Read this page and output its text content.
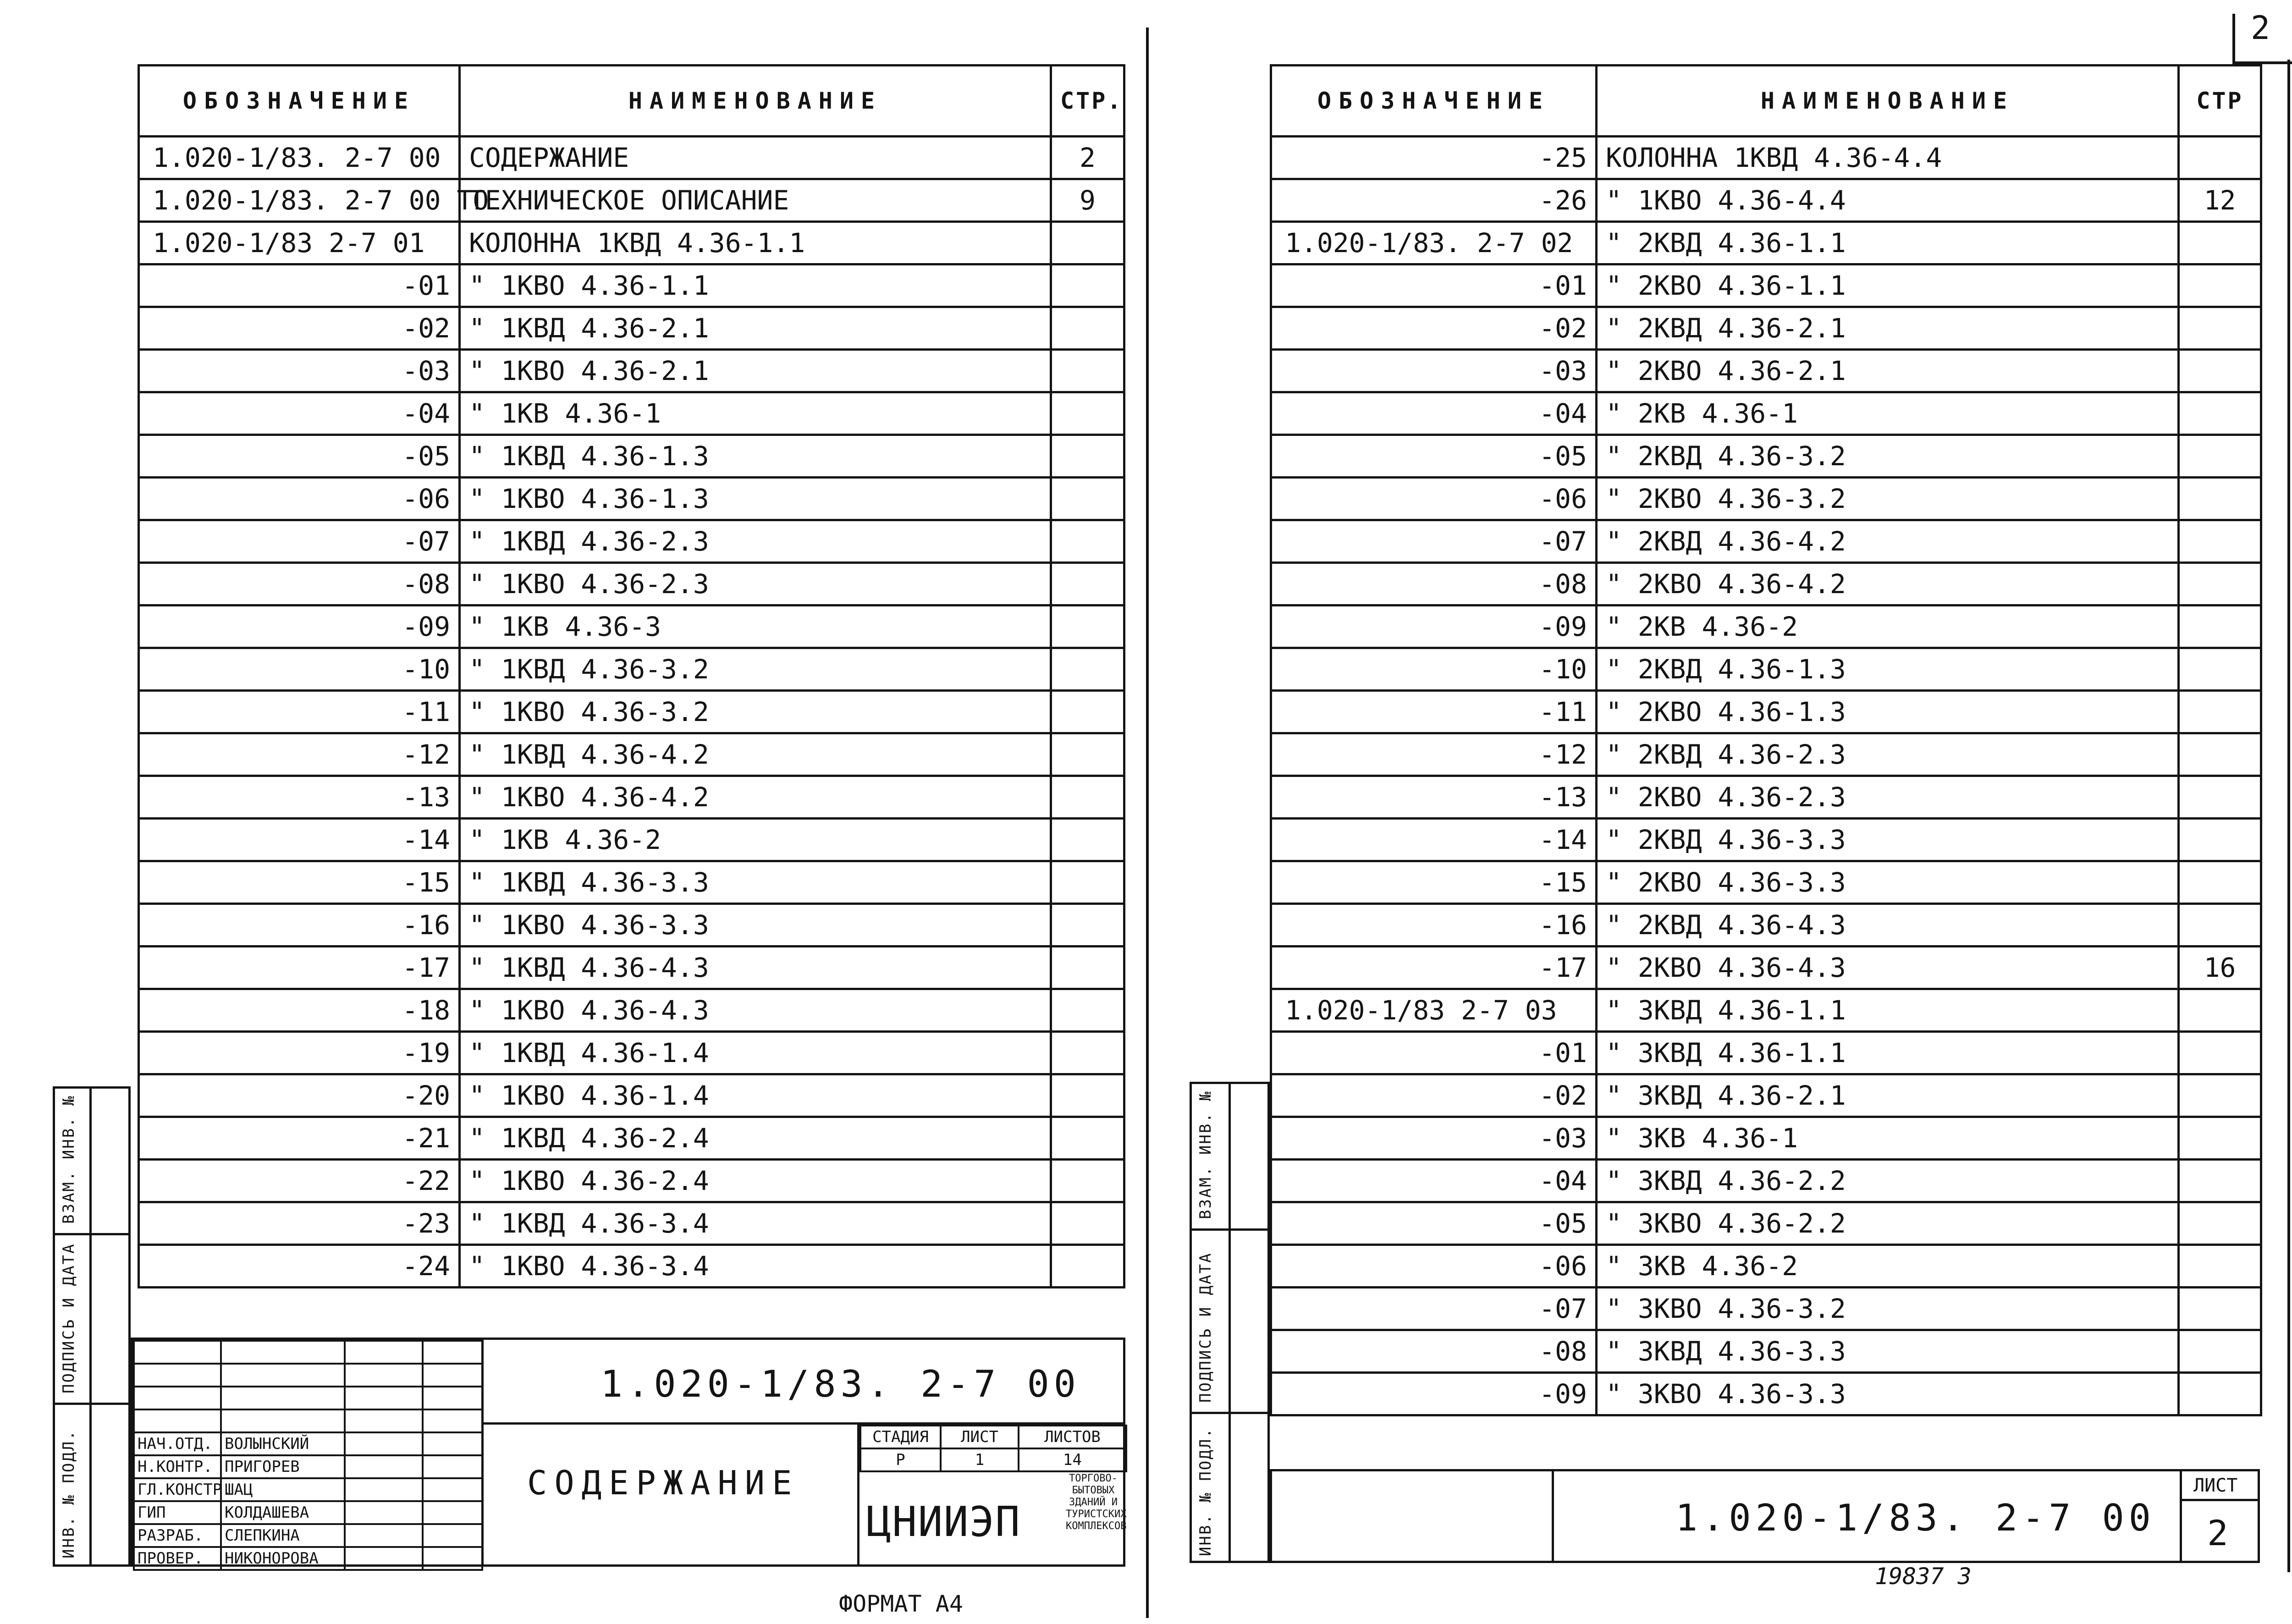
2
ОБОЗНАЧЕНИЕ	НАИМЕНОВАНИЕ	СТР.
1.020-1/83. 2-7 00	СОДЕРЖАНИЕ	2
1.020-1/83. 2-7 00 ТО	ТЕХНИЧЕСКОЕ ОПИСАНИЕ	9
1.020-1/83 2-7 01	КОЛОННА 1КВД 4.36-1.1	
-01	" 1КВО 4.36-1.1	
-02	" 1КВД 4.36-2.1	
-03	" 1КВО 4.36-2.1	
-04	" 1КВ 4.36-1	
-05	" 1КВД 4.36-1.3	
-06	" 1КВО 4.36-1.3	
-07	" 1КВД 4.36-2.3	
-08	" 1КВО 4.36-2.3	
-09	" 1КВ 4.36-3	
-10	" 1КВД 4.36-3.2	
-11	" 1КВО 4.36-3.2	
-12	" 1КВД 4.36-4.2	
-13	" 1КВО 4.36-4.2	
-14	" 1КВ 4.36-2	
-15	" 1КВД 4.36-3.3	
-16	" 1КВО 4.36-3.3	
-17	" 1КВД 4.36-4.3	
-18	" 1КВО 4.36-4.3	
-19	" 1КВД 4.36-1.4	
-20	" 1КВО 4.36-1.4	
-21	" 1КВД 4.36-2.4	
-22	" 1КВО 4.36-2.4	
-23	" 1КВД 4.36-3.4	
-24	" 1КВО 4.36-3.4	

НАЧ.ОТД.	ВОЛЫНСКИЙ		
Н.КОНТР.	ПРИГОРЕВ		
ГЛ.КОНСТР.	ШАЦ		
ГИП	КОЛДАШЕВА		
РАЗРАБ.	СЛЕПКИНА		
ПРОВЕР.	НИКОНОРОВА		
1.020-1/83. 2-7 00
СОДЕРЖАНИЕ
СТАДИЯ	ЛИСТ	ЛИСТОВ
Р	1	14
ЦНИИЭП
ТОРГОВО-БЫТОВЫХ ЗДАНИЙ И ТУРИСТСКИХ КОМПЛЕКСОВ
ВЗАМ. ИНВ. №
ПОДПИСЬ И ДАТА
ИНВ. № ПОДЛ.
ФОРМАТ А4
ОБОЗНАЧЕНИЕ	НАИМЕНОВАНИЕ	СТР
-25	КОЛОННА 1КВД 4.36-4.4	
-26	" 1КВО 4.36-4.4	12
1.020-1/83. 2-7 02	" 2КВД 4.36-1.1	
-01	" 2КВО 4.36-1.1	
-02	" 2КВД 4.36-2.1	
-03	" 2КВО 4.36-2.1	
-04	" 2КВ 4.36-1	
-05	" 2КВД 4.36-3.2	
-06	" 2КВО 4.36-3.2	
-07	" 2КВД 4.36-4.2	
-08	" 2КВО 4.36-4.2	
-09	" 2КВ 4.36-2	
-10	" 2КВД 4.36-1.3	
-11	" 2КВО 4.36-1.3	
-12	" 2КВД 4.36-2.3	
-13	" 2КВО 4.36-2.3	
-14	" 2КВД 4.36-3.3	
-15	" 2КВО 4.36-3.3	
-16	" 2КВД 4.36-4.3	
-17	" 2КВО 4.36-4.3	16
1.020-1/83 2-7 03	" 3КВД 4.36-1.1	
-01	" 3КВД 4.36-1.1	
-02	" 3КВД 4.36-2.1	
-03	" 3КВ 4.36-1	
-04	" 3КВД 4.36-2.2	
-05	" 3КВО 4.36-2.2	
-06	" 3КВ 4.36-2	
-07	" 3КВО 4.36-3.2	
-08	" 3КВД 4.36-3.3	
-09	" 3КВО 4.36-3.3	
1.020-1/83. 2-7 00
ЛИСТ
2
ВЗАМ. ИНВ. №
ПОДПИСЬ И ДАТА
ИНВ. № ПОДЛ.
19837 3
